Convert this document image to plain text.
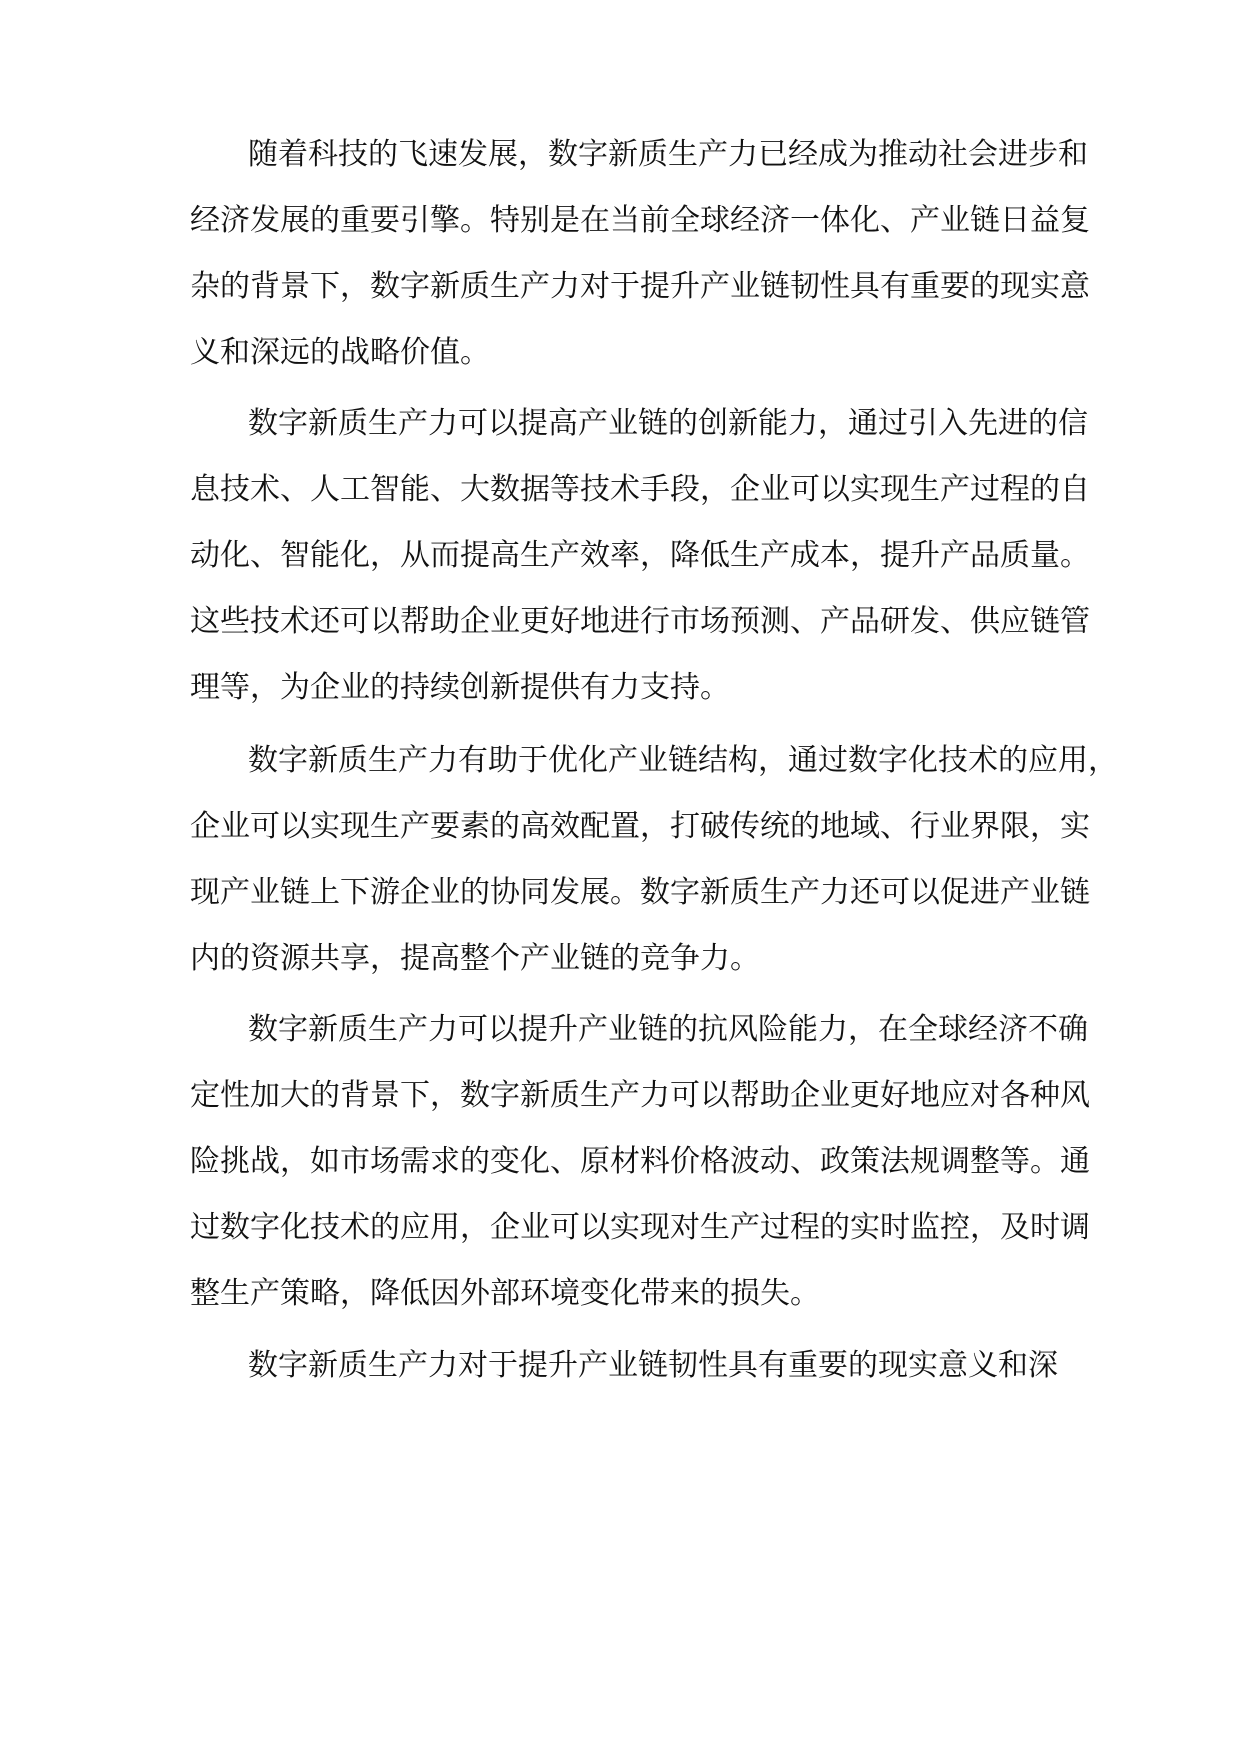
随着科技的飞速发展，数字新质生产力已经成为推动社会进步和

经济发展的重要引擎。特别是在当前全球经济一体化、产业链日益复

杂的背景下，数字新质生产力对于提升产业链韧性具有重要的现实意

义和深远的战略价值。

数字新质生产力可以提高产业链的创新能力，通过引入先进的信

息技术、人工智能、大数据等技术手段，企业可以实现生产过程的自

动化、智能化，从而提高生产效率，降低生产成本，提升产品质量。

这些技术还可以帮助企业更好地进行市场预测、产品研发、供应链管

理等，为企业的持续创新提供有力支持。

数字新质生产力有助于优化产业链结构，通过数字化技术的应用，

企业可以实现生产要素的高效配置，打破传统的地域、行业界限，实

现产业链上下游企业的协同发展。数字新质生产力还可以促进产业链

内的资源共享，提高整个产业链的竞争力。

数字新质生产力可以提升产业链的抗风险能力，在全球经济不确

定性加大的背景下，数字新质生产力可以帮助企业更好地应对各种风

险挑战，如市场需求的变化、原材料价格波动、政策法规调整等。通

过数字化技术的应用，企业可以实现对生产过程的实时监控，及时调

整生产策略，降低因外部环境变化带来的损失。

数字新质生产力对于提升产业链韧性具有重要的现实意义和深
